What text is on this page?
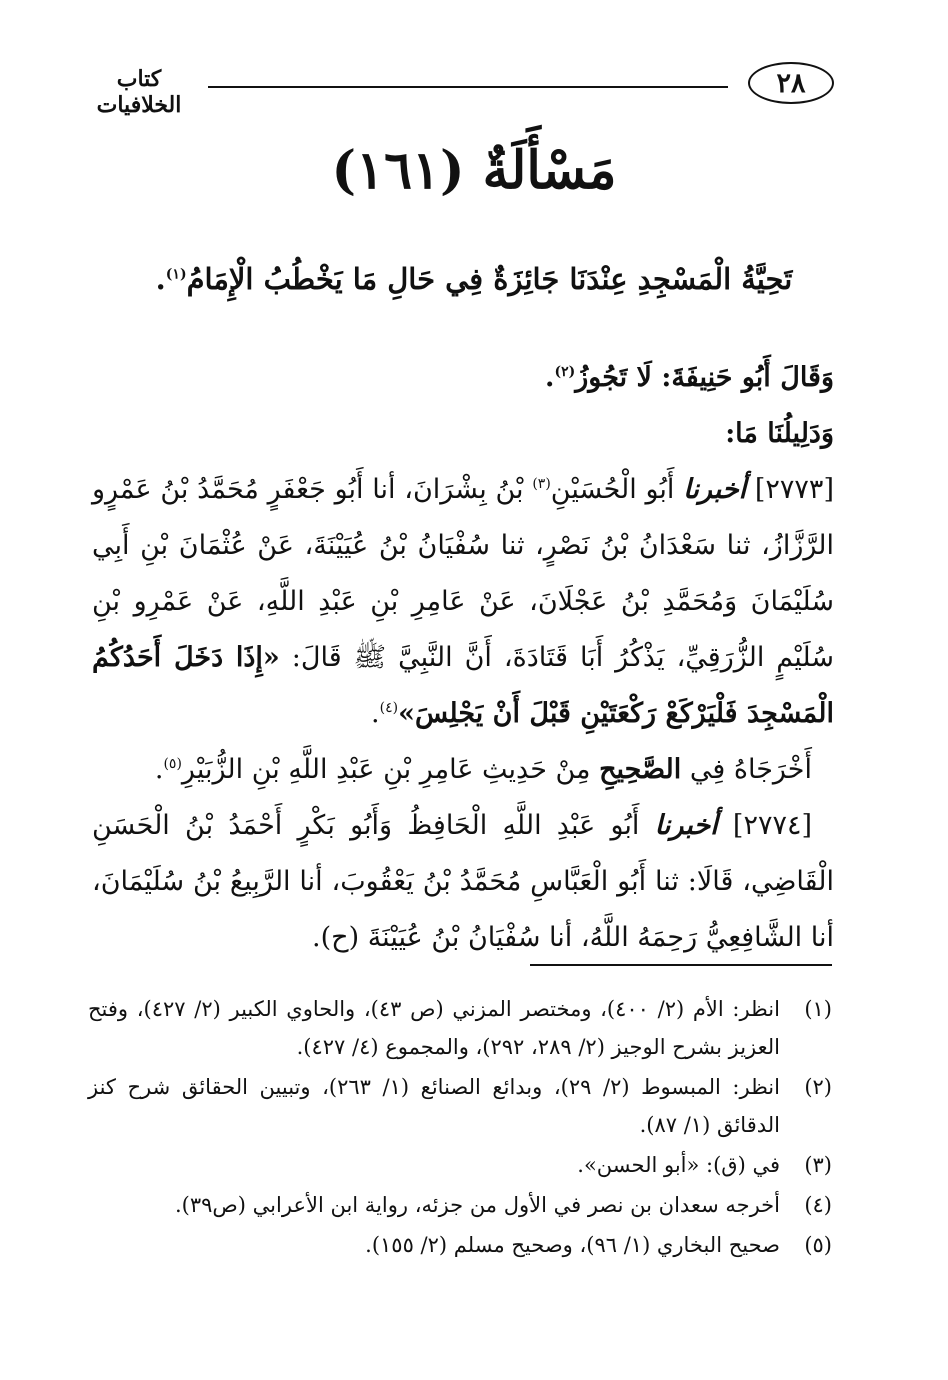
٢٨
كتاب الخلافيات
مَسْأَلَةٌ (١٦١)
تَحِيَّةُ الْمَسْجِدِ عِنْدَنَا جَائِزَةٌ فِي حَالِ مَا يَخْطُبُ الْإِمَامُ$^{(١)}$.

وَقَالَ أَبُو حَنِيفَةَ: لَا تَجُوزُ$^{(٢)}$.

وَدَلِيلُنَا مَا:

[٢٧٧٣] أخبرنا أَبُو الْحُسَيْنِ$^{(٣)}$ بْنُ بِشْرَانَ، أنا أَبُو جَعْفَرٍ مُحَمَّدُ بْنُ عَمْرٍو الرَّزَّازُ، ثنا سَعْدَانُ بْنُ نَصْرٍ، ثنا سُفْيَانُ بْنُ عُيَيْنَةَ، عَنْ عُثْمَانَ بْنِ أَبِي سُلَيْمَانَ وَمُحَمَّدِ بْنُ عَجْلَانَ، عَنْ عَامِرِ بْنِ عَبْدِ اللَّهِ، عَنْ عَمْرِو بْنِ سُلَيْمٍ الزُّرَقِيِّ، يَذْكُرُ أَبَا قَتَادَةَ، أَنَّ النَّبِيَّ ﷺ قَالَ: «إِذَا دَخَلَ أَحَدُكُمُ الْمَسْجِدَ فَلْيَرْكَعْ رَكْعَتَيْنِ قَبْلَ أَنْ يَجْلِسَ»$^{(٤)}$.

أَخْرَجَاهُ فِي الصَّحِيحِ مِنْ حَدِيثِ عَامِرِ بْنِ عَبْدِ اللَّهِ بْنِ الزُّبَيْرِ$^{(٥)}$.

[٢٧٧٤] أخبرنا أَبُو عَبْدِ اللَّهِ الْحَافِظُ وَأَبُو بَكْرٍ أَحْمَدُ بْنُ الْحَسَنِ الْقَاضِي، قَالَا: ثنا أَبُو الْعَبَّاسِ مُحَمَّدُ بْنُ يَعْقُوبَ، أنا الرَّبِيعُ بْنُ سُلَيْمَانَ، أنا الشَّافِعِيُّ رَحِمَهُ اللَّهُ، أنا سُفْيَانُ بْنُ عُيَيْنَةَ (ح).

(١)
انظر: الأم (٢/ ٤٠٠)، ومختصر المزني (ص ٤٣)، والحاوي الكبير (٢/ ٤٢٧)، وفتح العزيز بشرح الوجيز (٢/ ٢٨٩، ٢٩٢)، والمجموع (٤/ ٤٢٧).
(٢)
انظر: المبسوط (٢/ ٢٩)، وبدائع الصنائع (١/ ٢٦٣)، وتبيين الحقائق شرح كنز الدقائق (١/ ٨٧).
(٣)
في (ق): «أبو الحسن».
(٤)
أخرجه سعدان بن نصر في الأول من جزئه، رواية ابن الأعرابي (ص٣٩).
(٥)
صحيح البخاري (١/ ٩٦)، وصحيح مسلم (٢/ ١٥٥).
